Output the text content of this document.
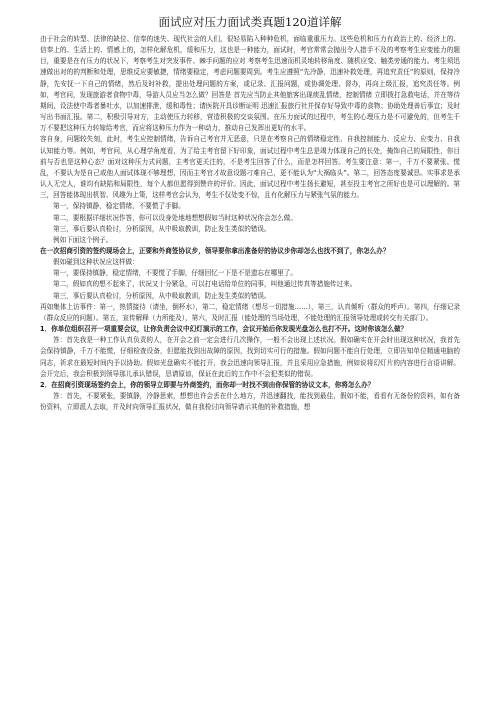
面试应对压力面试类真题120道详解

由于社会的转型、法律的缺位、信奉的迷失、现代社会的人们，很轻易陷入种种危机，面临重重压力。这些危机和压力有政治上的、经济上的、信奉上的、生活上的、情感上的，怎样化解危机，缓和压力，这也是一种能力，面试时，考官常常会抛出令人措手不及的考察考生应变能力的题目，重要是在有压力的状况下，考察考生对突发事件、棘手问题的应对 考察考生迅速而机灵地转移角度、随机应变、触类旁通的能力。考生须迅速做出对的的判断和处理，思维反应要敏捷，情绪要稳定，考虑问题要周到。考生应遵照“先冷静，迅速补救处理，再追究责任”的原则，保持冷静，先安抚一下自己的情绪，然后及时补救，提出处理问题的方案，或记录、汇报问题，或协调处理、督办，再向上级汇报，追究责任等。例如，考官问，发现旅游者食物中毒，导游人员应当怎么做？回答是 首先应当防止其他旅客出现痰乱情绪，控制情绪 立即拨打急救电话，并在等待期间，设法使中毒者暴吐水，以加速排泄，缓和毒性；请医院开具诊断证明 迅速汇报旅行社并保存好导致中毒的食物；协助处理善后事宜；及时写出书面汇报。第二，积极引导对方，主动使压力转移，营造积极的交谈氛围。在压力面试的过程中，考生的心理压力是不可避免的，但考生千万不要把这种压力转嫁给考官，而应将这种压力作为一种动力，推动自己发挥出更好的水平。

容自身，问题较失刻，此时，考生应控制情绪，告诉自己考官并无恶意，只是在考察自己的情绪稳定性、自我控制能力、反应力、应变力、自我认知能力等。例如，考官问，从心理学角度看，为了给主考官留下好印象，面试过程中考生总是竭力体现自己的长处，掩饰自己的局限性，你目前与否也是这种心态？面对这种压力式问题，主考官更关注的，不是考生回答了什么，而是怎样回答。考生要注意：第一，千万不要紧张、慌乱，不要认为是自己或他人面试体现不够理想，因而主考官才故意设题刁难自己，更不能认为“大祸临头”。第二，回答态度要诚恳。实事求是承认人无完人，谁均有缺陷和局限性，每个人都但愿得到赞许的评价。因此，面试过程中考生扬长避短，甚至投主考官之所好也是可以理解的。第三，回答能体现出机智、风趣为上策，这样考官会认为，考生不仅处变不惊，且有化解压力与紧张气氛的能力。

第一，保持镇静，稳定情绪，不要慌了手脚。

第二，要根据详细状况作答，你可以设身处地地想想假如当时这种状况你会怎么做。

第三，事后要认真检讨，分析原因，从中吸取教训，防止发生类似的错误。

例如下面这个例子。

在一次招商引资的签约现场会上，正要和外商签协议步，领导要你拿出准备好的协议步你却怎么也找不到了，你怎么办？

假如碰到这种状况应这样做：

第一，要保持镇静，稳定情绪，不要慌了手脚，仔细回忆一下是不是遗忘在哪里了。

第二，假如真的想不起来了，状况又十分紧急，可以打电话给单位的同事，叫他通过传真等措施传过来。

第三，事后要认真检讨，分析原因，从中吸取教训，防止发生类似的错误。

再如集体上访事件：第一，热情接待（请坐，倒杯水），第二，稳定情绪（想尽一切措施……），第三，认真倾听（群众的呼声）。第四，仔细记录（群众反应的问题）。第五，宣传解释（力所能及），第六，及时汇报（能处理的当场处理，不能处理的汇报领导处理或转交有关部门）。

1．你单位组织召开一项重要会议，让你负责会议中幻灯演示的工作，会议开始后你发现光盘怎么也打不开。这时你该怎么做？

答：首先我是一种工作认真负责的人，在开会之前一定会进行几次操作，一般不会出现上述状况。假如确实在开会时出现这种状况，我首先会保持镇静，千万不能慌，仔细检查设备，但愿能找到出故障的原因，找到切实可行的措施。假如问题不能自行处理，立即告知单位精通电脑的同志，祈求在最短时间内予以协助。假如光盘确实不能打开，我会迅速向领导汇报，并且采用应急措施，例如说将幻灯片的内容进行言语讲解。会开完后，我会积极到领导那儿承认错误，恳请原谅，保证在此后的工作中不会犯类似的错误。

2．在招商引资现场签约会上，你的领导立即要与外商签约，而你却一时找不到由你保管的协议文本，你将怎么办？

答：首先，不要紧张，要镇静，冷静思索，想想也许会丢在什么地方，并迅速翻找，能找到最佳，假如不能，看看有无备份的资料，如有备份资料，立即派人去取，并及时向领导汇报状况，做自我检讨向领导请示其他的补救措施，想
